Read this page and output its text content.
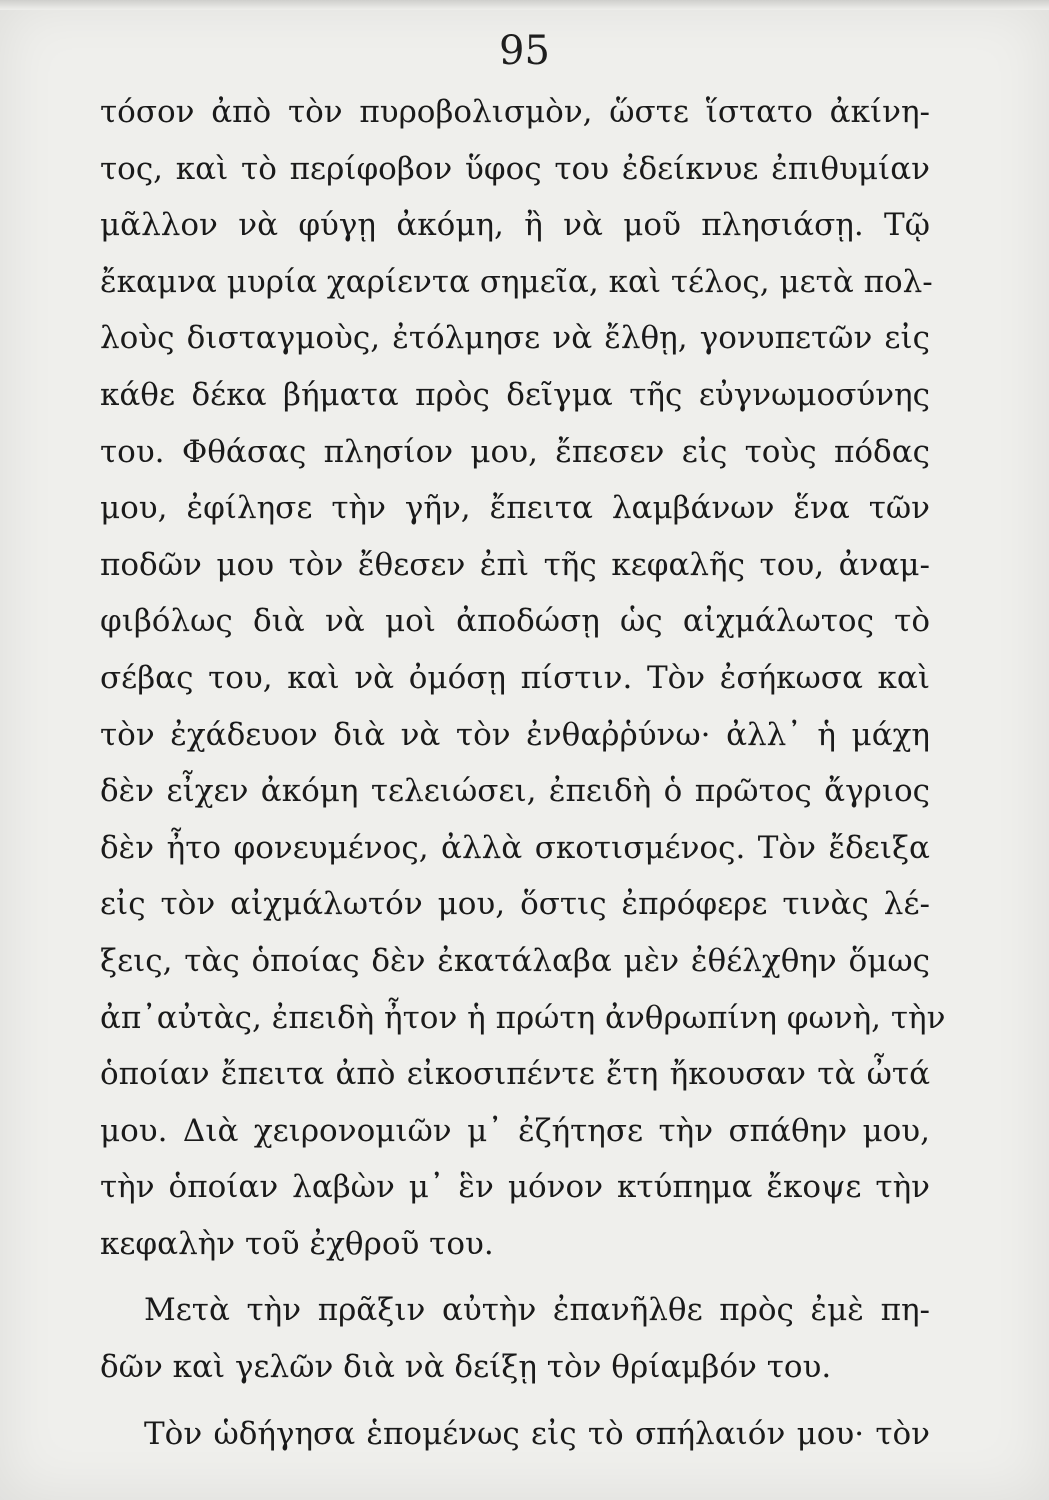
95
τόσον ἀπὸ τὸν πυροβολισμὸν, ὥστε ἵστατο ἀκίνη-
τος, καὶ τὸ περίφοβον ὕφος του ἐδείκνυε ἐπιθυμίαν
μᾶλλον νὰ φύγῃ ἀκόμη, ἢ νὰ μοῦ πλησιάσῃ. Τῷ
ἔκαμνα μυρία χαρίεντα σημεῖα, καὶ τέλος, μετὰ πολ-
λοὺς δισταγμοὺς, ἐτόλμησε νὰ ἔλθῃ, γονυπετῶν εἰς
κάθε δέκα βήματα πρὸς δεῖγμα τῆς εὐγνωμοσύνης
του. Φθάσας πλησίον μου, ἔπεσεν εἰς τοὺς πόδας
μου, ἐφίλησε τὴν γῆν, ἔπειτα λαμβάνων ἕνα τῶν
ποδῶν μου τὸν ἔθεσεν ἐπὶ τῆς κεφαλῆς του, ἀναμ-
φιβόλως διὰ νὰ μοὶ ἀποδώσῃ ὡς αἰχμάλωτος τὸ
σέβας του, καὶ νὰ ὀμόσῃ πίστιν. Τὸν ἐσήκωσα καὶ
τὸν ἐχάδευον διὰ νὰ τὸν ἐνθαῤῥύνω· ἀλλ᾽ ἡ μάχη
δὲν εἶχεν ἀκόμη τελειώσει, ἐπειδὴ ὁ πρῶτος ἄγριος
δὲν ἦτο φονευμένος, ἀλλὰ σκοτισμένος. Τὸν ἔδειξα
εἰς τὸν αἰχμάλωτόν μου, ὅστις ἐπρόφερε τινὰς λέ-
ξεις, τὰς ὁποίας δὲν ἐκατάλαβα μὲν ἐθέλχθην ὅμως
ἀπ᾽αὐτὰς, ἐπειδὴ ἦτον ἡ πρώτη ἀνθρωπίνη φωνὴ, τὴν
ὁποίαν ἔπειτα ἀπὸ εἰκοσιπέντε ἔτη ἤκουσαν τὰ ὦτά
μου. Διὰ χειρονομιῶν μ᾽ ἐζήτησε τὴν σπάθην μου,
τὴν ὁποίαν λαβὼν μ᾽ ἓν μόνον κτύπημα ἔκοψε τὴν
κεφαλὴν τοῦ ἐχθροῦ του.
Μετὰ τὴν πρᾶξιν αὐτὴν ἐπανῆλθε πρὸς ἐμὲ πη-
δῶν καὶ γελῶν διὰ νὰ δείξῃ τὸν θρίαμβόν του.
Τὸν ὡδήγησα ἑπομένως εἰς τὸ σπήλαιόν μου· τὸν
